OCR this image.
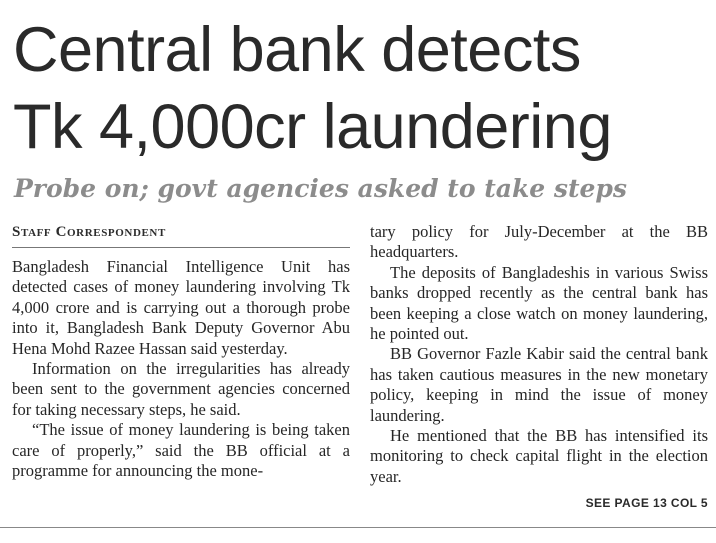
Central bank detects
Tk 4,000cr laundering
Probe on; govt agencies asked to take steps
Staff Correspondent

Bangladesh Financial Intelligence Unit has detected cases of money laundering involving Tk 4,000 crore and is carrying out a thorough probe into it, Bangladesh Bank Deputy Governor Abu Hena Mohd Razee Hassan said yesterday.

Information on the irregularities has already been sent to the government agencies concerned for taking necessary steps, he said.

“The issue of money laundering is being taken care of properly,” said the BB official at a programme for announcing the mone-

tary policy for July-December at the BB headquarters.

The deposits of Bangladeshis in various Swiss banks dropped recently as the central bank has been keeping a close watch on money laundering, he pointed out.

BB Governor Fazle Kabir said the central bank has taken cautious measures in the new monetary policy, keeping in mind the issue of money laundering.

He mentioned that the BB has intensified its monitoring to check capital flight in the election year.

SEE PAGE 13 COL 5
